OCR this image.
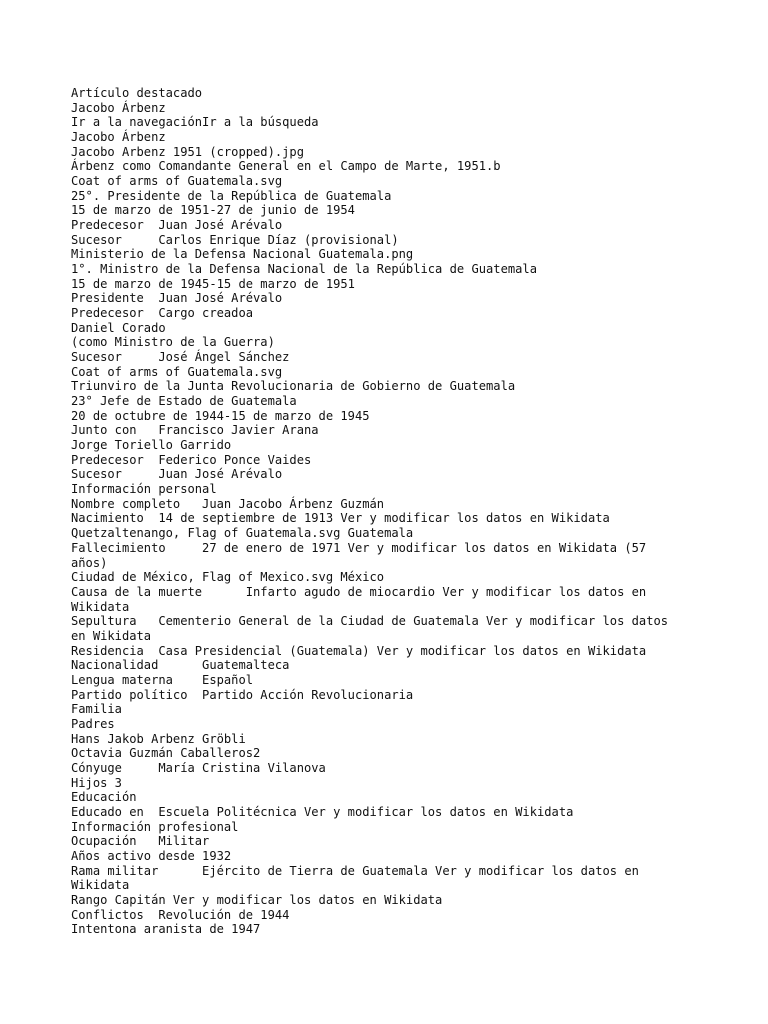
Artículo destacado
Jacobo Árbenz
Ir a la navegaciónIr a la búsqueda
Jacobo Árbenz
Jacobo Arbenz 1951 (cropped).jpg
Árbenz como Comandante General en el Campo de Marte, 1951.b
Coat of arms of Guatemala.svg
25°. Presidente de la República de Guatemala
15 de marzo de 1951-27 de junio de 1954
Predecesor  Juan José Arévalo
Sucesor     Carlos Enrique Díaz (provisional)
Ministerio de la Defensa Nacional Guatemala.png
1°. Ministro de la Defensa Nacional de la República de Guatemala
15 de marzo de 1945-15 de marzo de 1951
Presidente  Juan José Arévalo
Predecesor  Cargo creadoa
Daniel Corado
(como Ministro de la Guerra)
Sucesor     José Ángel Sánchez
Coat of arms of Guatemala.svg
Triunviro de la Junta Revolucionaria de Gobierno de Guatemala
23° Jefe de Estado de Guatemala
20 de octubre de 1944-15 de marzo de 1945
Junto con   Francisco Javier Arana
Jorge Toriello Garrido
Predecesor  Federico Ponce Vaides
Sucesor     Juan José Arévalo
Información personal
Nombre completo   Juan Jacobo Árbenz Guzmán
Nacimiento  14 de septiembre de 1913 Ver y modificar los datos en Wikidata
Quetzaltenango, Flag of Guatemala.svg Guatemala
Fallecimiento     27 de enero de 1971 Ver y modificar los datos en Wikidata (57
años)
Ciudad de México, Flag of Mexico.svg México
Causa de la muerte      Infarto agudo de miocardio Ver y modificar los datos en
Wikidata
Sepultura   Cementerio General de la Ciudad de Guatemala Ver y modificar los datos
en Wikidata
Residencia  Casa Presidencial (Guatemala) Ver y modificar los datos en Wikidata
Nacionalidad      Guatemalteca
Lengua materna    Español
Partido político  Partido Acción Revolucionaria
Familia
Padres
Hans Jakob Arbenz Gröbli
Octavia Guzmán Caballeros2
Cónyuge     María Cristina Vilanova
Hijos 3
Educación
Educado en  Escuela Politécnica Ver y modificar los datos en Wikidata
Información profesional
Ocupación   Militar
Años activo desde 1932
Rama militar      Ejército de Tierra de Guatemala Ver y modificar los datos en
Wikidata
Rango Capitán Ver y modificar los datos en Wikidata
Conflictos  Revolución de 1944
Intentona aranista de 1947
